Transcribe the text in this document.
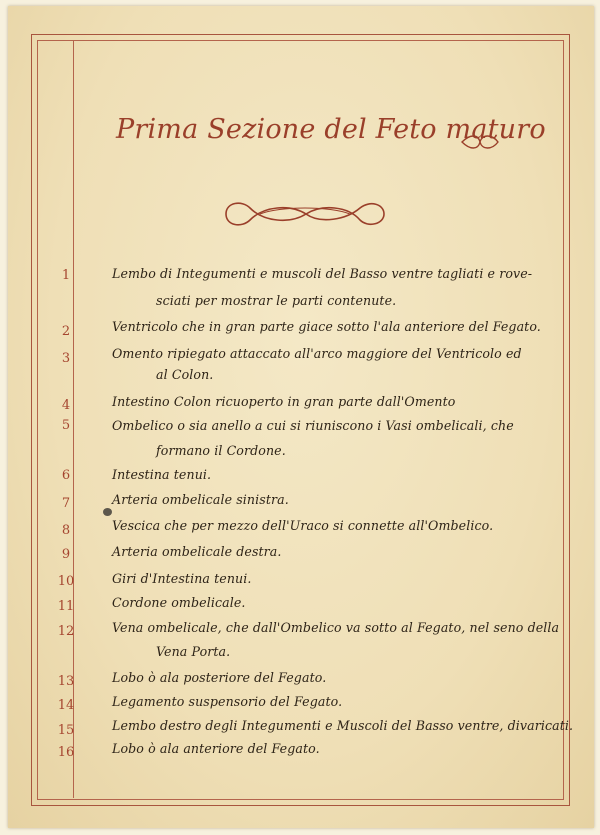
Prima Sezione del Feto maturo
1	Lembo di Integumenti e muscoli del Basso ventre tagliati e rove-
sciati per mostrar le parti contenute.
2	Ventricolo che in gran parte giace sotto l'ala anteriore del Fegato.
3	Omento ripiegato attaccato all'arco maggiore del Ventricolo ed
al Colon.
4	Intestino Colon ricuoperto in gran parte dall'Omento
5	Ombelico o sia anello a cui si riuniscono i Vasi ombelicali, che
formano il Cordone.
6	Intestina tenui.
7	Arteria ombelicale sinistra.
8	Vescica che per mezzo dell'Uraco si connette all'Ombelico.
9	Arteria ombelicale destra.
10	Giri d'Intestina tenui.
11	Cordone ombelicale.
12	Vena ombelicale, che dall'Ombelico va sotto al Fegato, nel seno della
Vena Porta.
13	Lobo ò ala posteriore del Fegato.
14	Legamento suspensorio del Fegato.
15	Lembo destro degli Integumenti e Muscoli del Basso ventre, divaricati.
16	Lobo ò ala anteriore del Fegato.
